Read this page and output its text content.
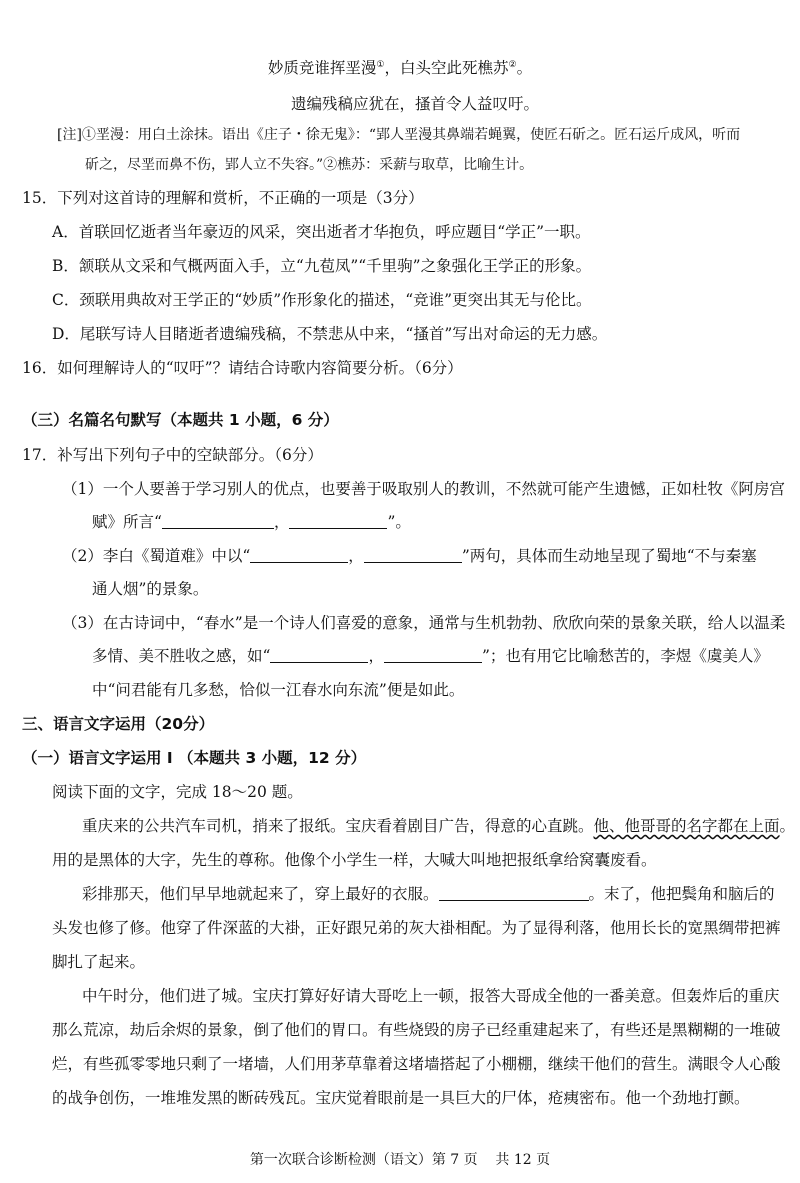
妙质竞谁挥垩漫①，白头空此死樵苏②。
遗编残稿应犹在，搔首令人益叹吁。
[注]①垩漫：用白土涂抹。语出《庄子・徐无鬼》：“郢人垩漫其鼻端若蝇翼，使匠石斫之。匠石运斤成风，听而
斫之，尽垩而鼻不伤，郢人立不失容。”②樵苏：采薪与取草，比喻生计。
15．下列对这首诗的理解和赏析，不正确的一项是（3分）
A．首联回忆逝者当年豪迈的风采，突出逝者才华抱负，呼应题目“学正”一职。
B．颔联从文采和气概两面入手，立“九苞凤”“千里驹”之象强化王学正的形象。
C．颈联用典故对王学正的“妙质”作形象化的描述，“竞谁”更突出其无与伦比。
D．尾联写诗人目睹逝者遗编残稿，不禁悲从中来，“搔首”写出对命运的无力感。
16．如何理解诗人的“叹吁”？请结合诗歌内容简要分析。（6分）
（三）名篇名句默写（本题共 1 小题，6 分）
17．补写出下列句子中的空缺部分。（6分）
（1）一个人要善于学习别人的优点，也要善于吸取别人的教训，不然就可能产生遗憾，正如杜牧《阿房宫
赋》所言“	，	”。
（2）李白《蜀道难》中以“	，	”两句，具体而生动地呈现了蜀地“不与秦塞
通人烟”的景象。
（3）在古诗词中，“春水”是一个诗人们喜爱的意象，通常与生机勃勃、欣欣向荣的景象关联，给人以温柔
多情、美不胜收之感，如“	，	”；也有用它比喻愁苦的，李煜《虞美人》
中“问君能有几多愁，恰似一江春水向东流”便是如此。
三、语言文字运用（20分）
（一）语言文字运用 I （本题共 3 小题，12 分）
阅读下面的文字，完成 18～20 题。
重庆来的公共汽车司机，捎来了报纸。宝庆看着剧目广告，得意的心直跳。他、他哥哥的名字都在上面。
用的是黑体的大字，先生的尊称。他像个小学生一样，大喊大叫地把报纸拿给窝囊废看。
彩排那天，他们早早地就起来了，穿上最好的衣服。	。末了，他把鬓角和脑后的
头发也修了修。他穿了件深蓝的大褂，正好跟兄弟的灰大褂相配。为了显得利落，他用长长的宽黑绸带把裤
脚扎了起来。
中午时分，他们进了城。宝庆打算好好请大哥吃上一顿，报答大哥成全他的一番美意。但轰炸后的重庆
那么荒凉，劫后余烬的景象，倒了他们的胃口。有些烧毁的房子已经重建起来了，有些还是黑糊糊的一堆破
烂，有些孤零零地只剩了一堵墙，人们用茅草靠着这堵墙搭起了小棚棚，继续干他们的营生。满眼令人心酸
的战争创伤，一堆堆发黑的断砖残瓦。宝庆觉着眼前是一具巨大的尸体，疮痍密布。他一个劲地打颤。
第一次联合诊断检测（语文）第 7 页    共 12 页
